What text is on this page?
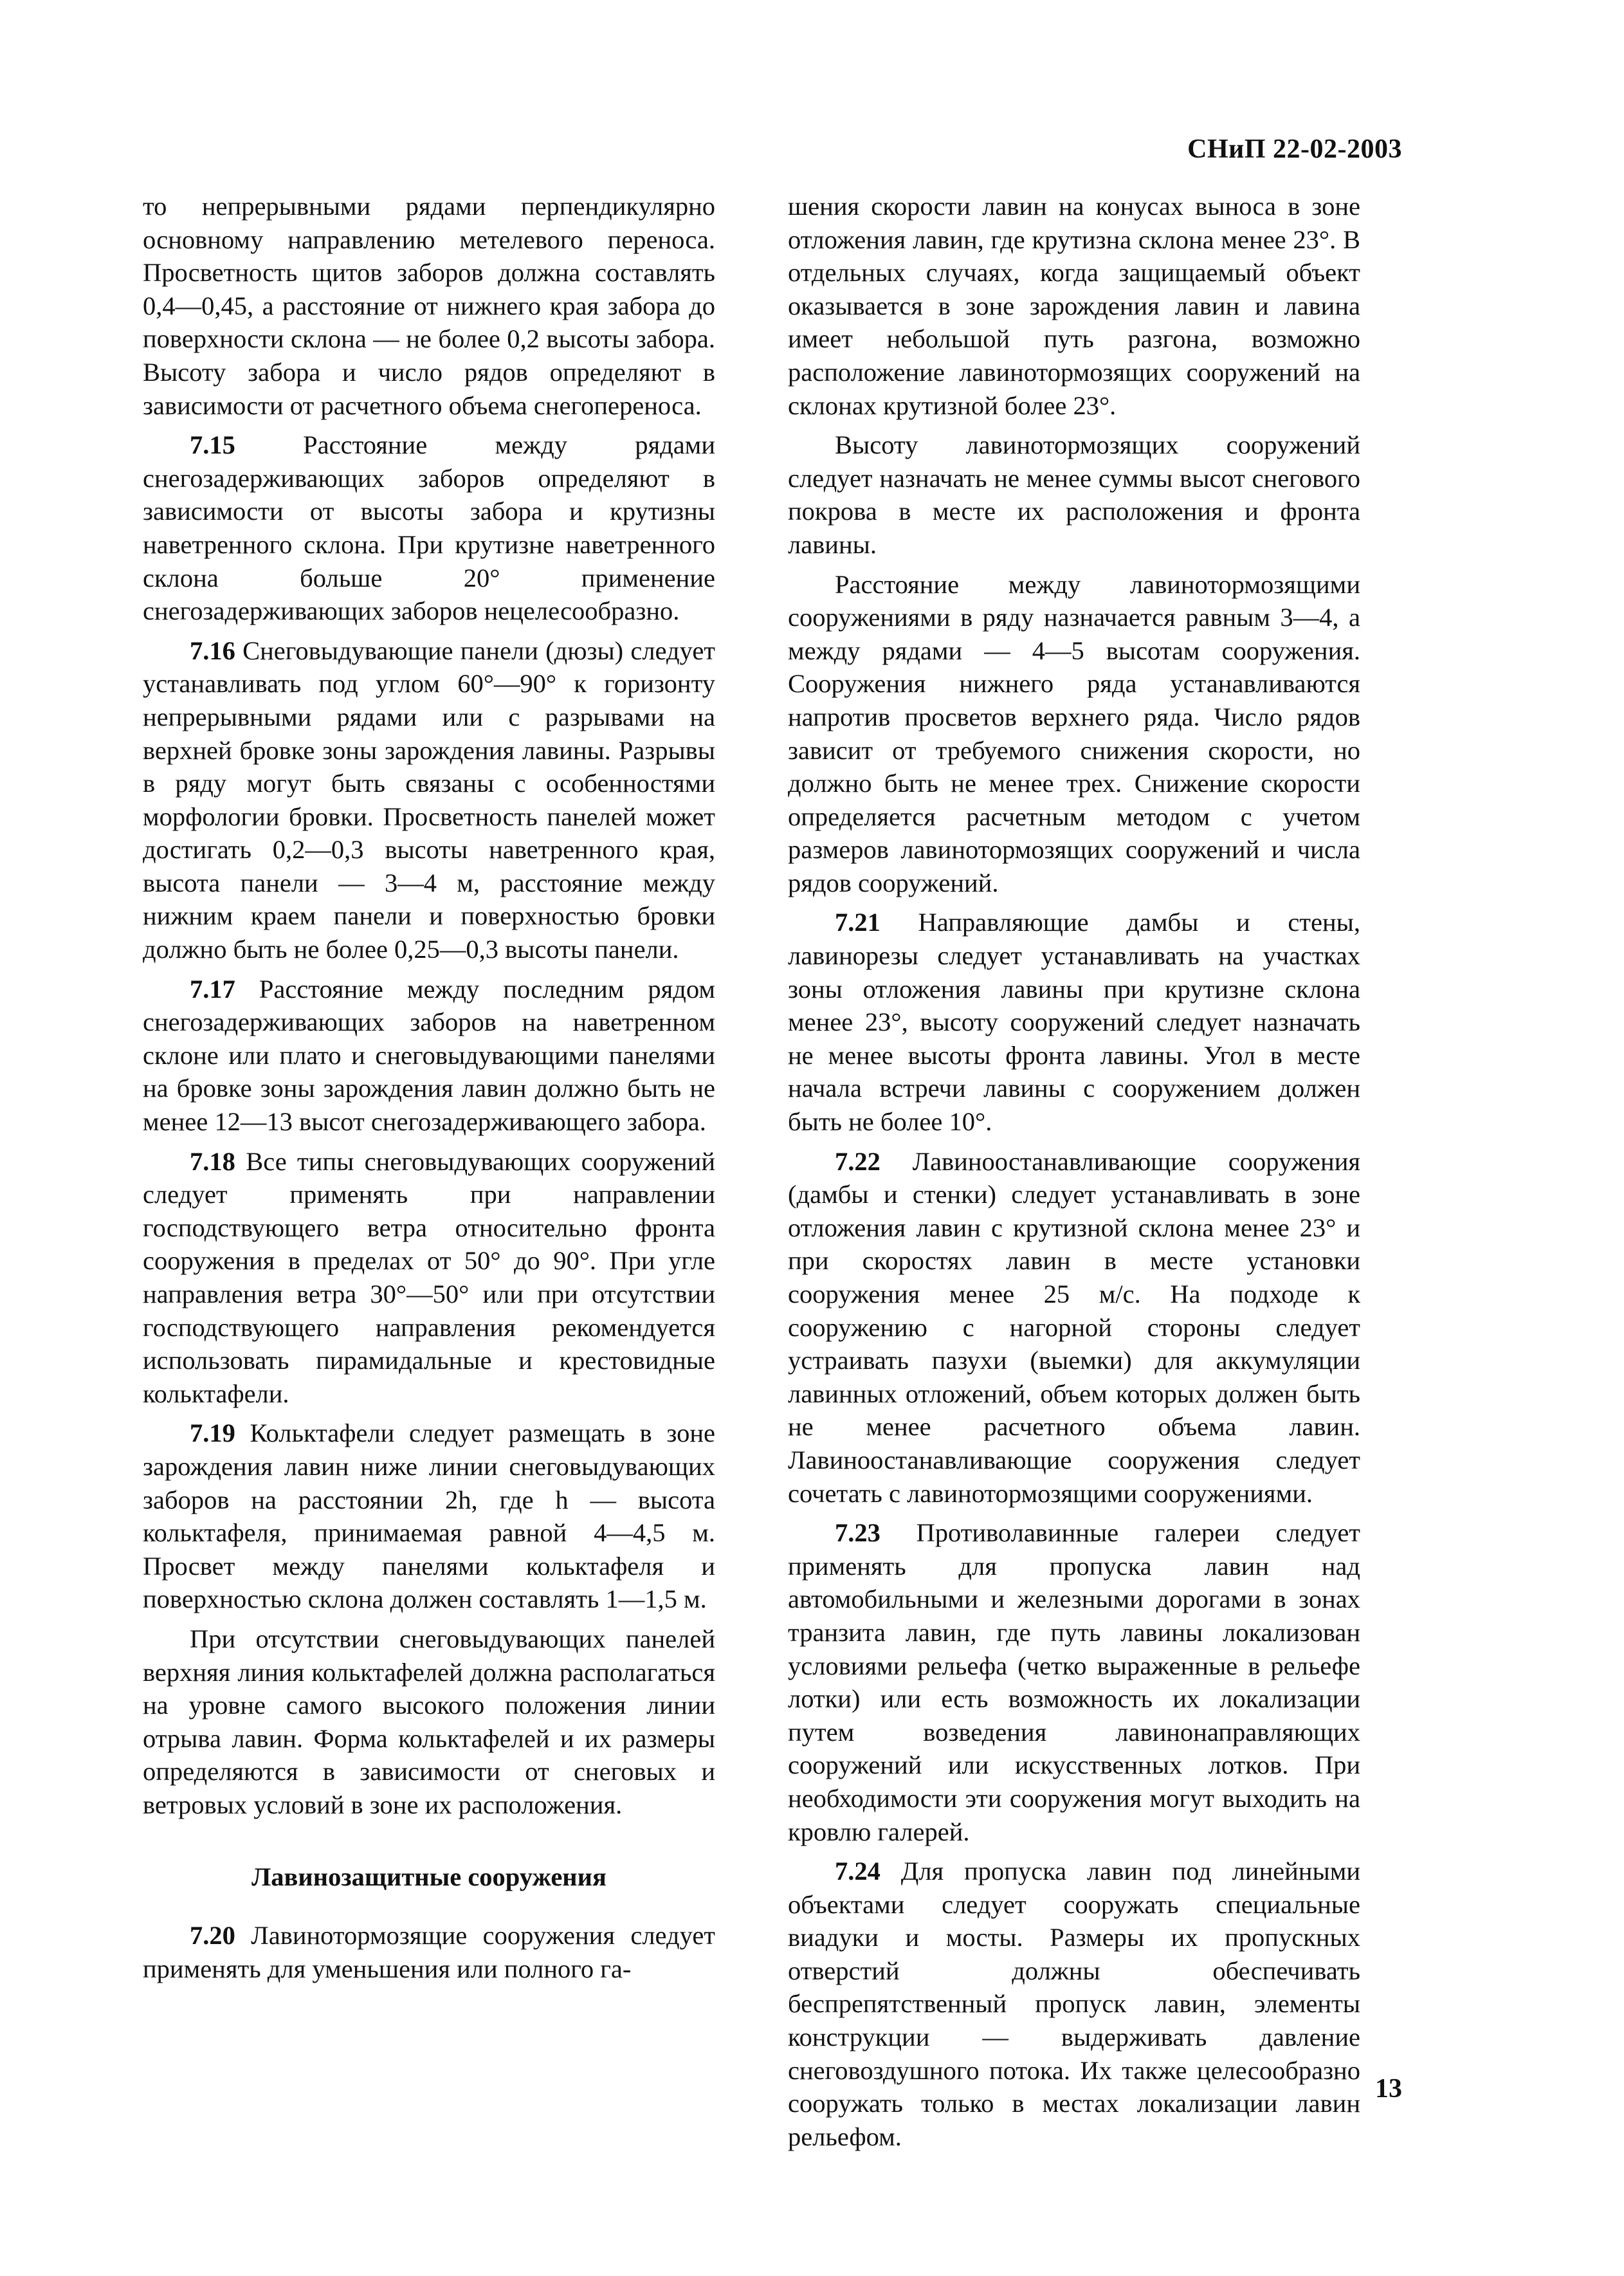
СНиП 22-02-2003

то непрерывными рядами перпендикулярно основному направлению метелевого переноса. Просветность щитов заборов должна составлять 0,4—0,45, а расстояние от нижнего края забора до поверхности склона — не более 0,2 высоты забора. Высоту забора и число рядов определяют в зависимости от расчетного объема снегопереноса.

7.15 Расстояние между рядами снегозадерживающих заборов определяют в зависимости от высоты забора и крутизны наветренного склона. При крутизне наветренного склона больше 20° применение снегозадерживающих заборов нецелесообразно.

7.16 Снеговыдувающие панели (дюзы) следует устанавливать под углом 60°—90° к горизонту непрерывными рядами или с разрывами на верхней бровке зоны зарождения лавины. Разрывы в ряду могут быть связаны с особенностями морфологии бровки. Просветность панелей может достигать 0,2—0,3 высоты наветренного края, высота панели — 3—4 м, расстояние между нижним краем панели и поверхностью бровки должно быть не более 0,25—0,3 высоты панели.

7.17 Расстояние между последним рядом снегозадерживающих заборов на наветренном склоне или плато и снеговыдувающими панелями на бровке зоны зарождения лавин должно быть не менее 12—13 высот снегозадерживающего забора.

7.18 Все типы снеговыдувающих сооружений следует применять при направлении господствующего ветра относительно фронта сооружения в пределах от 50° до 90°. При угле направления ветра 30°—50° или при отсутствии господствующего направления рекомендуется использовать пирамидальные и крестовидные кольктафели.

7.19 Кольктафели следует размещать в зоне зарождения лавин ниже линии снеговыдувающих заборов на расстоянии 2h, где h — высота кольктафеля, принимаемая равной 4—4,5 м. Просвет между панелями кольктафеля и поверхностью склона должен составлять 1—1,5 м.

При отсутствии снеговыдувающих панелей верхняя линия кольктафелей должна располагаться на уровне самого высокого положения линии отрыва лавин. Форма кольктафелей и их размеры определяются в зависимости от снеговых и ветровых условий в зоне их расположения.

Лавинозащитные сооружения

7.20 Лавинотормозящие сооружения следует применять для уменьшения или полного га-

шения скорости лавин на конусах выноса в зоне отложения лавин, где крутизна склона менее 23°. В отдельных случаях, когда защищаемый объект оказывается в зоне зарождения лавин и лавина имеет небольшой путь разгона, возможно расположение лавинотормозящих сооружений на склонах крутизной более 23°.

Высоту лавинотормозящих сооружений следует назначать не менее суммы высот снегового покрова в месте их расположения и фронта лавины.

Расстояние между лавинотормозящими сооружениями в ряду назначается равным 3—4, а между рядами — 4—5 высотам сооружения. Сооружения нижнего ряда устанавливаются напротив просветов верхнего ряда. Число рядов зависит от требуемого снижения скорости, но должно быть не менее трех. Снижение скорости определяется расчетным методом с учетом размеров лавинотормозящих сооружений и числа рядов сооружений.

7.21 Направляющие дамбы и стены, лавинорезы следует устанавливать на участках зоны отложения лавины при крутизне склона менее 23°, высоту сооружений следует назначать не менее высоты фронта лавины. Угол в месте начала встречи лавины с сооружением должен быть не более 10°.

7.22 Лавиноостанавливающие сооружения (дамбы и стенки) следует устанавливать в зоне отложения лавин с крутизной склона менее 23° и при скоростях лавин в месте установки сооружения менее 25 м/с. На подходе к сооружению с нагорной стороны следует устраивать пазухи (выемки) для аккумуляции лавинных отложений, объем которых должен быть не менее расчетного объема лавин. Лавиноостанавливающие сооружения следует сочетать с лавинотормозящими сооружениями.

7.23 Противолавинные галереи следует применять для пропуска лавин над автомобильными и железными дорогами в зонах транзита лавин, где путь лавины локализован условиями рельефа (четко выраженные в рельефе лотки) или есть возможность их локализации путем возведения лавинонаправляющих сооружений или искусственных лотков. При необходимости эти сооружения могут выходить на кровлю галерей.

7.24 Для пропуска лавин под линейными объектами следует сооружать специальные виадуки и мосты. Размеры их пропускных отверстий должны обеспечивать беспрепятственный пропуск лавин, элементы конструкции — выдерживать давление снеговоздушного потока. Их также целесообразно сооружать только в местах локализации лавин рельефом.

13
